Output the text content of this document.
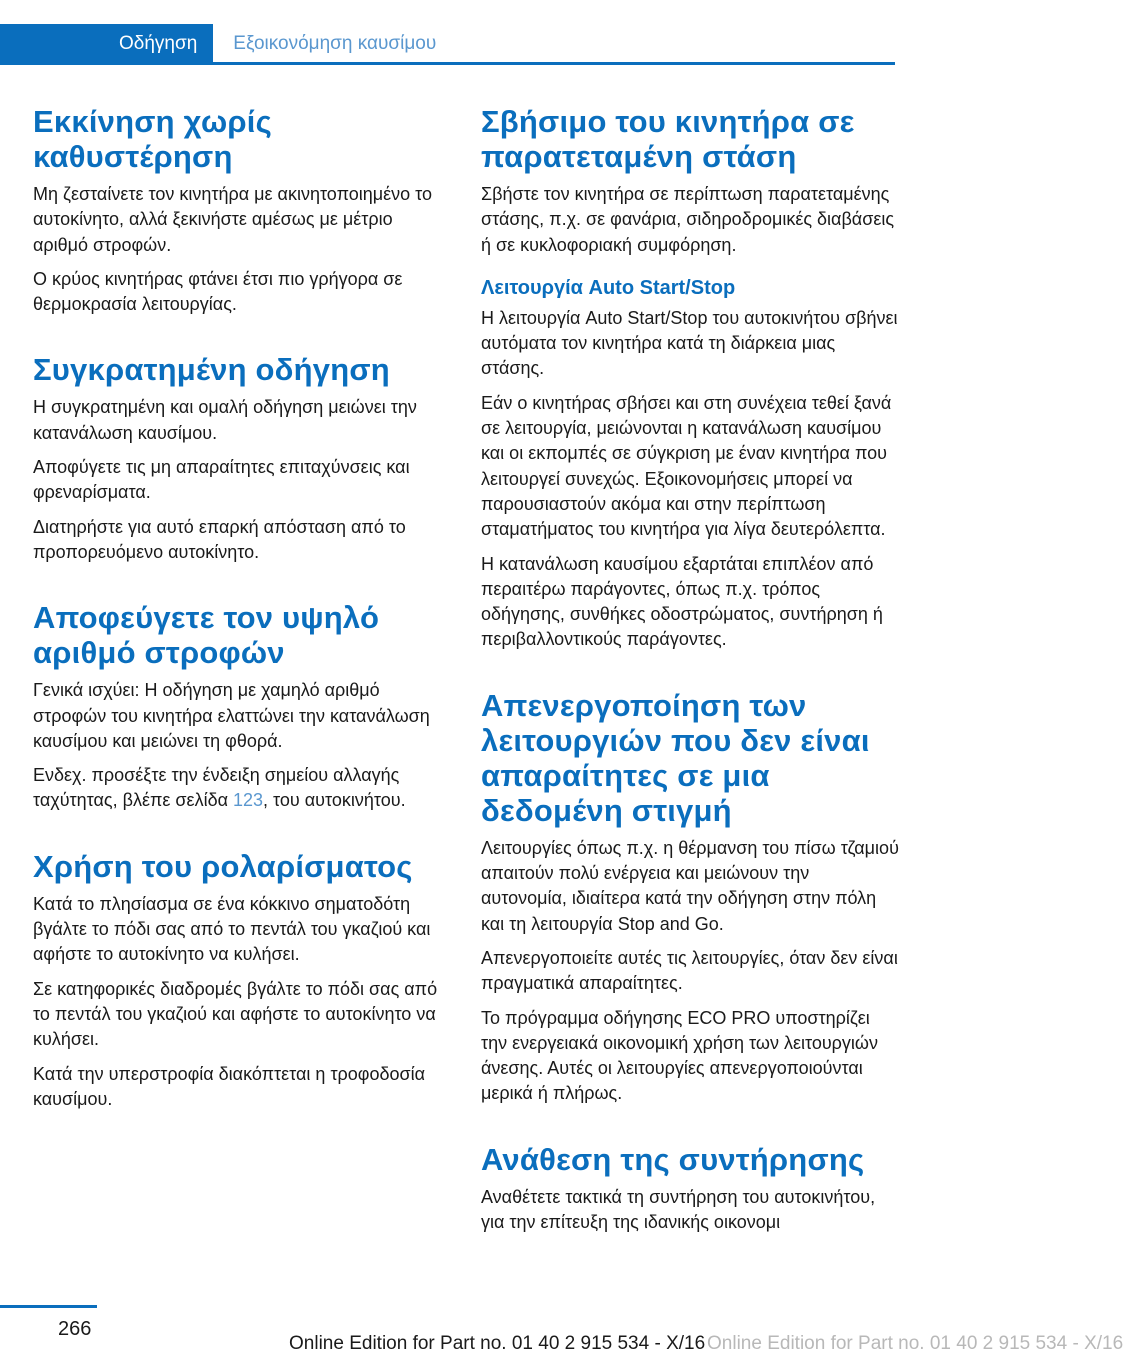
Οδήγηση	Εξοικονόμηση καυσίμου
Εκκίνηση χωρίς καθυστέρηση

Μη ζεσταίνετε τον κινητήρα με ακινητοποιημένο το αυτοκίνητο, αλλά ξεκινήστε αμέσως με μέτριο αριθμό στροφών.

Ο κρύος κινητήρας φτάνει έτσι πιο γρήγορα σε θερμοκρασία λειτουργίας.

Συγκρατημένη οδήγηση

Η συγκρατημένη και ομαλή οδήγηση μειώνει την κατανάλωση καυσίμου.

Αποφύγετε τις μη απαραίτητες επιταχύνσεις και φρεναρίσματα.

Διατηρήστε για αυτό επαρκή απόσταση από το προπορευόμενο αυτοκίνητο.

Αποφεύγετε τον υψηλό αριθμό στροφών

Γενικά ισχύει: Η οδήγηση με χαμηλό αριθμό στροφών του κινητήρα ελαττώνει την κατανάλωση καυσίμου και μειώνει τη φθορά.

Ενδεχ. προσέξτε την ένδειξη σημείου αλλαγής ταχύτητας, βλέπε σελίδα 123, του αυτοκινήτου.

Χρήση του ρολαρίσματος

Κατά το πλησίασμα σε ένα κόκκινο σηματοδότη βγάλτε το πόδι σας από το πεντάλ του γκαζιού και αφήστε το αυτοκίνητο να κυλήσει.

Σε κατηφορικές διαδρομές βγάλτε το πόδι σας από το πεντάλ του γκαζιού και αφήστε το αυτοκίνητο να κυλήσει.

Κατά την υπερστροφία διακόπτεται η τροφοδοσία καυσίμου.

Σβήσιμο του κινητήρα σε παρατεταμένη στάση

Σβήστε τον κινητήρα σε περίπτωση παρατεταμένης στάσης, π.χ. σε φανάρια, σιδηροδρομικές διαβάσεις ή σε κυκλοφοριακή συμφόρηση.

Λειτουργία Auto Start/Stop

Η λειτουργία Auto Start/Stop του αυτοκινήτου σβήνει αυτόματα τον κινητήρα κατά τη διάρκεια μιας στάσης.

Εάν ο κινητήρας σβήσει και στη συνέχεια τεθεί ξανά σε λειτουργία, μειώνονται η κατανάλωση καυσίμου και οι εκπομπές σε σύγκριση με έναν κινητήρα που λειτουργεί συνεχώς. Εξοικονομήσεις μπορεί να παρουσιαστούν ακόμα και στην περίπτωση σταματήματος του κινητήρα για λίγα δευτερόλεπτα.

Η κατανάλωση καυσίμου εξαρτάται επιπλέον από περαιτέρω παράγοντες, όπως π.χ. τρόπος οδήγησης, συνθήκες οδοστρώματος, συντήρηση ή περιβαλλοντικούς παράγοντες.

Απενεργοποίηση των λειτουργιών που δεν είναι απαραίτητες σε μια δεδομένη στιγμή

Λειτουργίες όπως π.χ. η θέρμανση του πίσω τζαμιού απαιτούν πολύ ενέργεια και μειώνουν την αυτονομία, ιδιαίτερα κατά την οδήγηση στην πόλη και τη λειτουργία Stop and Go.

Απενεργοποιείτε αυτές τις λειτουργίες, όταν δεν είναι πραγματικά απαραίτητες.

Το πρόγραμμα οδήγησης ECO PRO υποστηρίζει την ενεργειακά οικονομική χρήση των λειτουργιών άνεσης. Αυτές οι λειτουργίες απενεργοποιούνται μερικά ή πλήρως.

Ανάθεση της συντήρησης

Αναθέτετε τακτικά τη συντήρηση του αυτοκινήτου, για την επίτευξη της ιδανικής οικονομι

266
Online Edition for Part no. 01 40 2 915 534 - X/16 Online Edition for Part no. 01 40 2 915 534 - X/16
